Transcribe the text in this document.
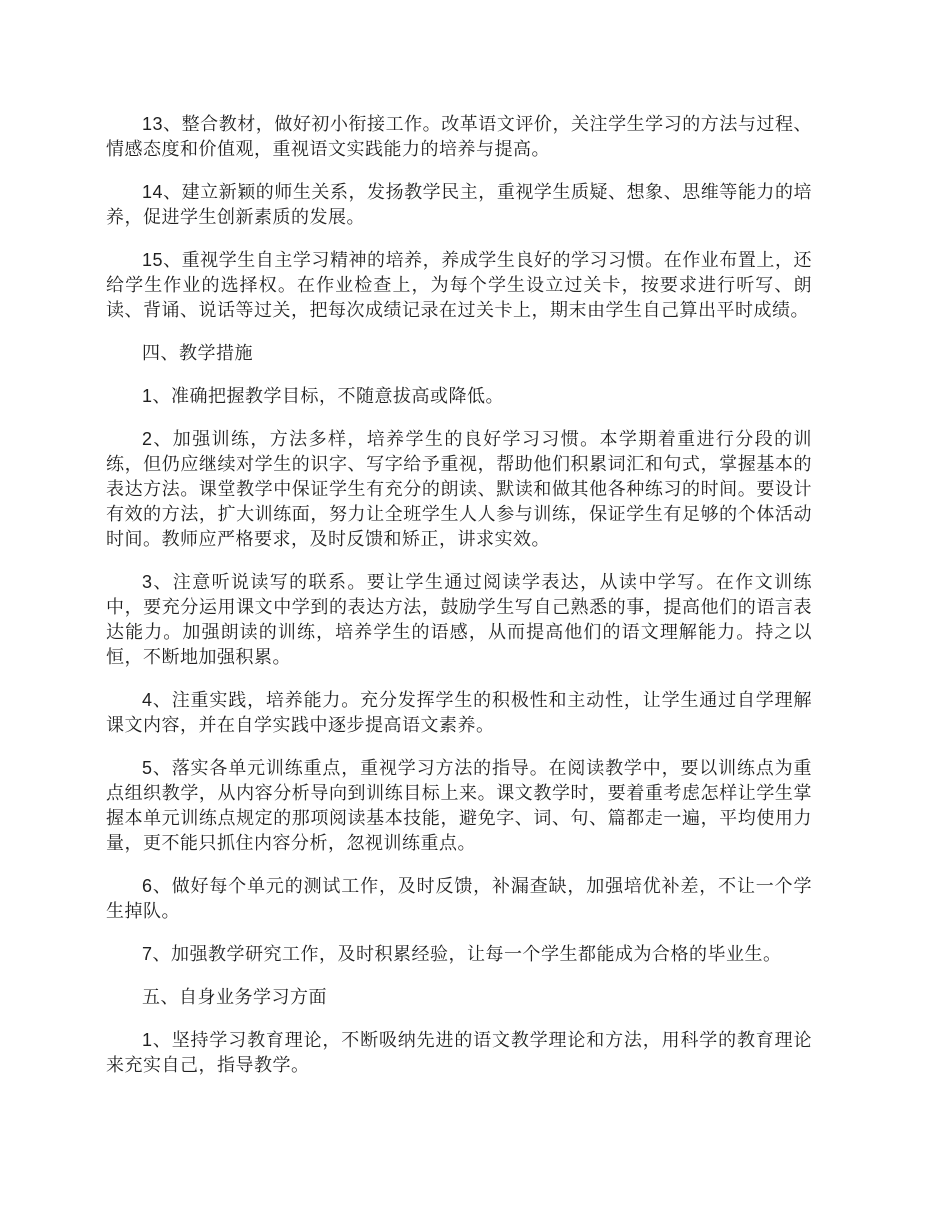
13、整合教材，做好初小衔接工作。改革语文评价，关注学生学习的方法与过程、情感态度和价值观，重视语文实践能力的培养与提高。

14、建立新颖的师生关系，发扬教学民主，重视学生质疑、想象、思维等能力的培养，促进学生创新素质的发展。

15、重视学生自主学习精神的培养，养成学生良好的学习习惯。在作业布置上，还给学生作业的选择权。在作业检查上，为每个学生设立过关卡，按要求进行听写、朗读、背诵、说话等过关，把每次成绩记录在过关卡上，期末由学生自己算出平时成绩。

四、教学措施

1、准确把握教学目标，不随意拔高或降低。

2、加强训练，方法多样，培养学生的良好学习习惯。本学期着重进行分段的训练，但仍应继续对学生的识字、写字给予重视，帮助他们积累词汇和句式，掌握基本的表达方法。课堂教学中保证学生有充分的朗读、默读和做其他各种练习的时间。要设计有效的方法，扩大训练面，努力让全班学生人人参与训练，保证学生有足够的个体活动时间。教师应严格要求，及时反馈和矫正，讲求实效。

3、注意听说读写的联系。要让学生通过阅读学表达，从读中学写。在作文训练中，要充分运用课文中学到的表达方法，鼓励学生写自己熟悉的事，提高他们的语言表达能力。加强朗读的训练，培养学生的语感，从而提高他们的语文理解能力。持之以恒，不断地加强积累。

4、注重实践，培养能力。充分发挥学生的积极性和主动性，让学生通过自学理解课文内容，并在自学实践中逐步提高语文素养。

5、落实各单元训练重点，重视学习方法的指导。在阅读教学中，要以训练点为重点组织教学，从内容分析导向到训练目标上来。课文教学时，要着重考虑怎样让学生掌握本单元训练点规定的那项阅读基本技能，避免字、词、句、篇都走一遍，平均使用力量，更不能只抓住内容分析，忽视训练重点。

6、做好每个单元的测试工作，及时反馈，补漏查缺，加强培优补差，不让一个学生掉队。

7、加强教学研究工作，及时积累经验，让每一个学生都能成为合格的毕业生。

五、自身业务学习方面

1、坚持学习教育理论，不断吸纳先进的语文教学理论和方法，用科学的教育理论来充实自己，指导教学。
